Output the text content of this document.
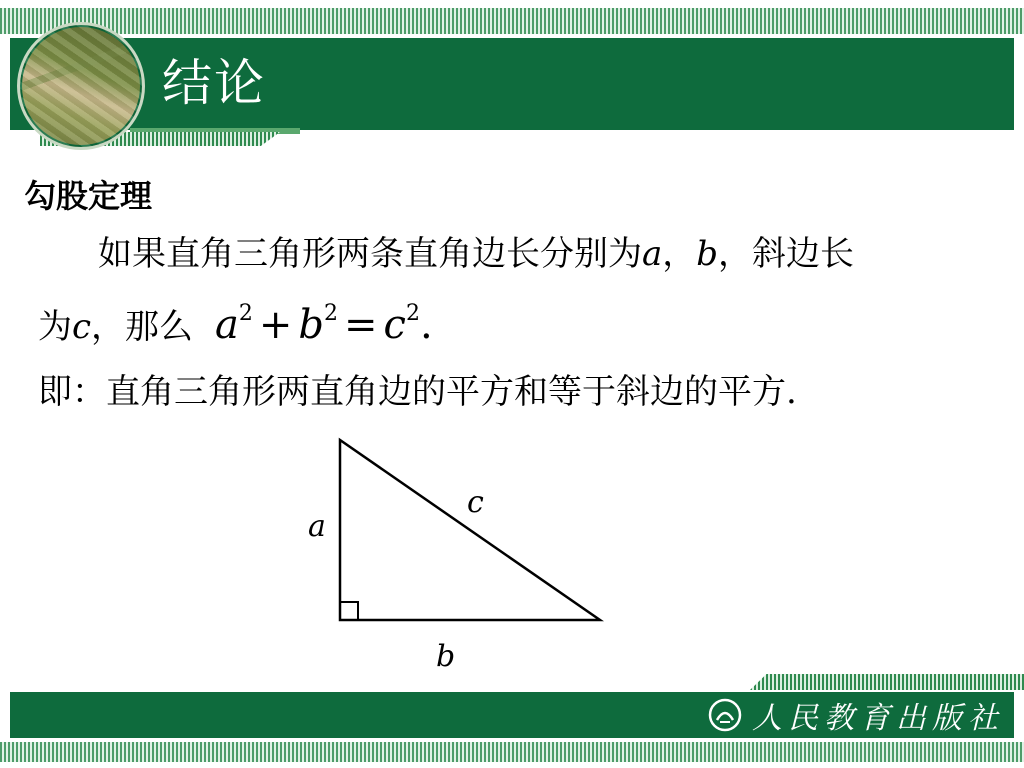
结论
勾股定理
如果直角三角形两条直角边长分别为a，b，斜边长
为c，那么 $a^2 + b^2 = c^2$.
即：直角三角形两直角边的平方和等于斜边的平方.
a
c
b
人民教育出版社
